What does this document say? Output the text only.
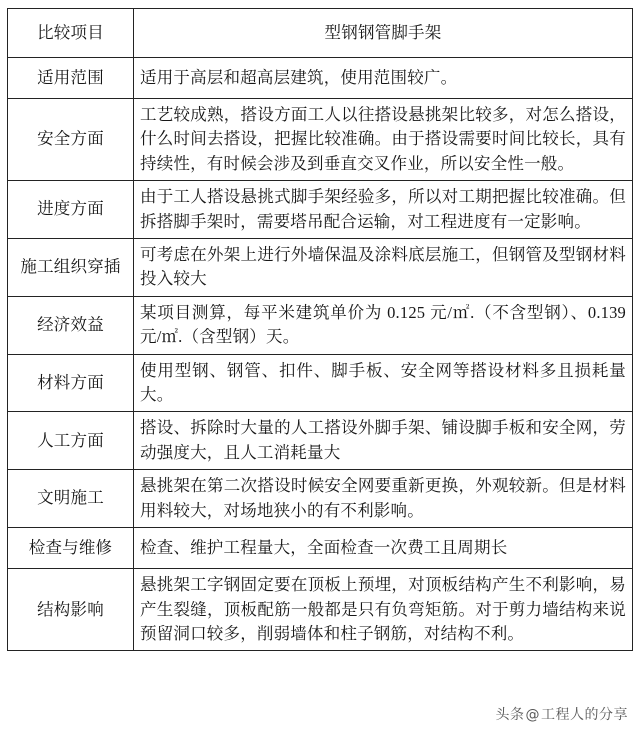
比较项目	型钢钢管脚手架
适用范围	适用于高层和超高层建筑，使用范围较广。
安全方面	工艺较成熟，搭设方面工人以往搭设悬挑架比较多，对怎么搭设，什么时间去搭设，把握比较准确。由于搭设需要时间比较长，具有持续性，有时候会涉及到垂直交叉作业，所以安全性一般。
进度方面	由于工人搭设悬挑式脚手架经验多，所以对工期把握比较准确。但拆搭脚手架时，需要塔吊配合运输，对工程进度有一定影响。
施工组织穿插	可考虑在外架上进行外墙保温及涂料底层施工，但钢管及型钢材料投入较大
经济效益	某项目测算，每平米建筑单价为 0.125 元/㎡.（不含型钢）、0.139 元/㎡.（含型钢）天。
材料方面	使用型钢、钢管、扣件、脚手板、安全网等搭设材料多且损耗量大。
人工方面	搭设、拆除时大量的人工搭设外脚手架、铺设脚手板和安全网，劳动强度大，且人工消耗量大
文明施工	悬挑架在第二次搭设时候安全网要重新更换，外观较新。但是材料用料较大，对场地狭小的有不利影响。
检查与维修	检查、维护工程量大，全面检查一次费工且周期长
结构影响	悬挑架工字钢固定要在顶板上预埋，对顶板结构产生不利影响，易产生裂缝，顶板配筋一般都是只有负弯矩筋。对于剪力墙结构来说预留洞口较多，削弱墙体和柱子钢筋，对结构不利。
头条@工程人的分享
